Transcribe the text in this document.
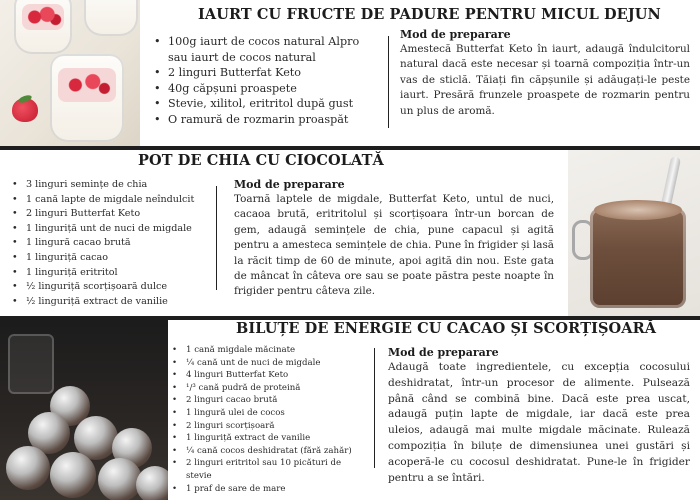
IAURT CU FRUCTE DE PADURE PENTRU MICUL DEJUN
• 100g iaurt de cocos natural Alpro sau iaurt de cocos natural
• 2 linguri Butterfat Keto
• 40g căpșuni proaspete
• Stevie, xilitol, eritritol după gust
• O ramură de rozmarin proaspăt
Mod de preparare

Amestecă Butterfat Keto în iaurt, adaugă îndulcitorul natural dacă este necesar și toarnă compoziția într-un vas de sticlă. Tăiați fin căpșunile și adăugați-le peste iaurt. Presără frunzele proaspete de rozmarin pentru un plus de aromă.

POT DE CHIA CU CIOCOLATĂ
• 3 linguri semințe de chia
• 1 cană lapte de migdale neîndulcit
• 2 linguri Butterfat Keto
• 1 linguriță unt de nuci de migdale
• 1 lingură cacao brută
• 1 linguriță cacao
• 1 linguriță eritritol
• ½ linguriță scorțișoară dulce
• ½ linguriță extract de vanilie
Mod de preparare

Toarnă laptele de migdale, Butterfat Keto, untul de nuci, cacaoa brută, eritritolul și scorțișoara într-un borcan de gem, adaugă semințele de chia, pune capacul și agită pentru a amesteca semințele de chia. Pune în frigider și lasă la răcit timp de 60 de minute, apoi agită din nou. Este gata de mâncat în câteva ore sau se poate păstra peste noapte în frigider pentru câteva zile.

BILUȚE DE ENERGIE CU CACAO ȘI SCORȚIȘOARĂ
• 1 cană migdale măcinate
• ¼ cană unt de nuci de migdale
• 4 linguri Butterfat Keto
• ¹/³ cană pudră de proteină
• 2 linguri cacao brută
• 1 lingură ulei de cocos
• 2 linguri scorțișoară
• 1 linguriță extract de vanilie
• ¼ cană cocos deshidratat (fără zahăr)
• 2 linguri eritritol sau 10 picături de stevie
• 1 praf de sare de mare
Mod de preparare

Adaugă toate ingredientele, cu excepția cocosului deshidratat, într-un procesor de alimente. Pulsează până când se combină bine. Dacă este prea uscat, adaugă puțin lapte de migdale, iar dacă este prea uleios, adaugă mai multe migdale măcinate. Rulează compoziția în biluțe de dimensiunea unei gustări și acoperă-le cu cocosul deshidratat. Pune-le în frigider pentru a se întări.
